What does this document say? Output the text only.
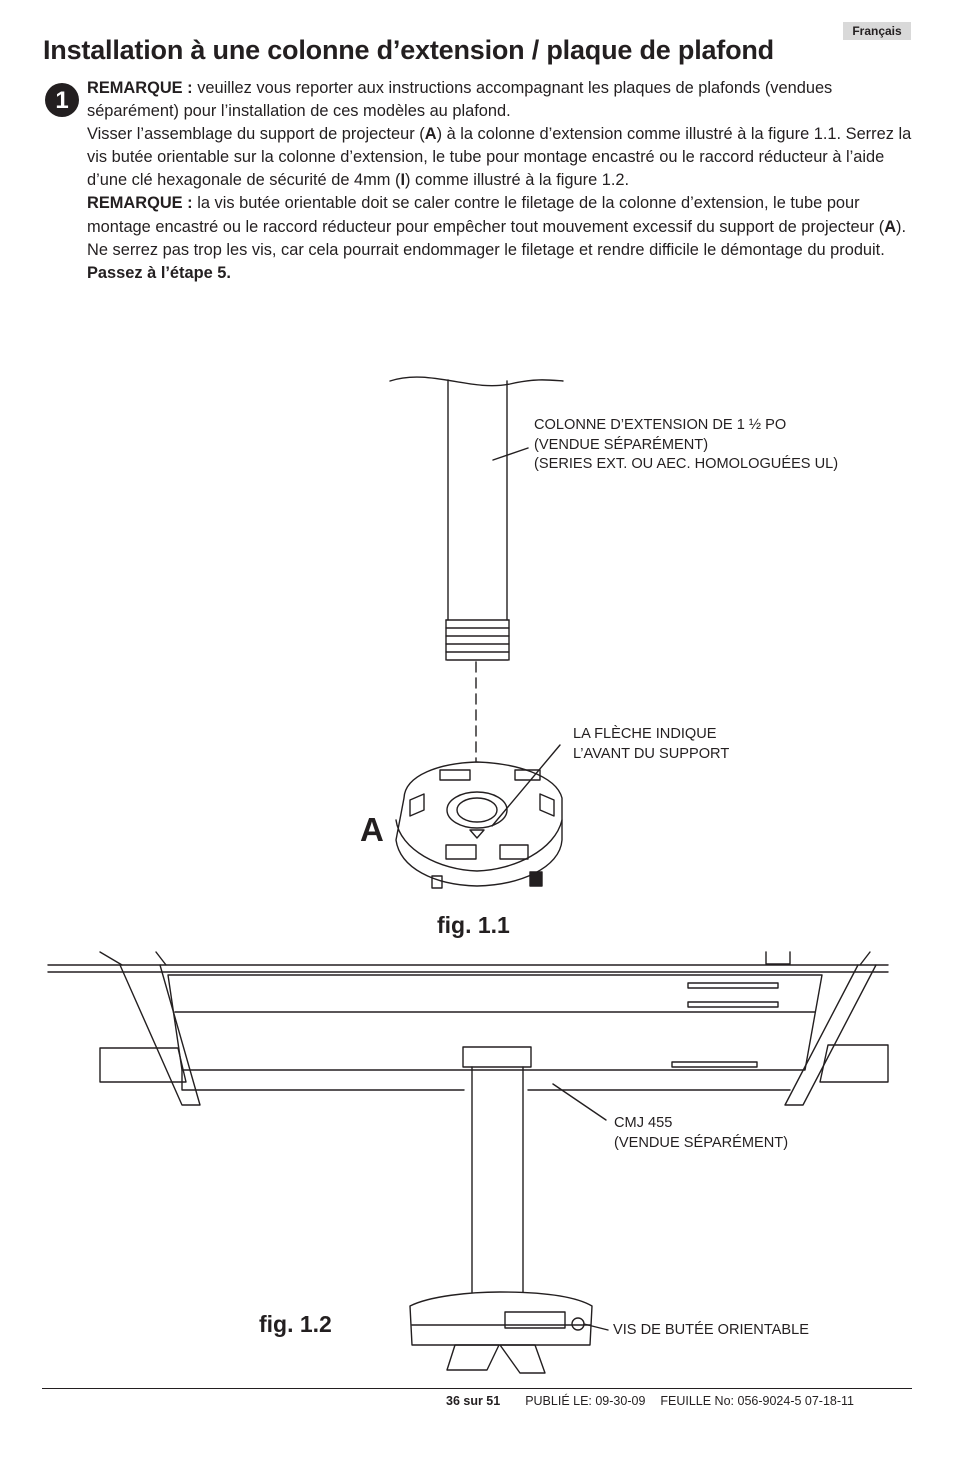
Français
Installation à une colonne d’extension / plaque de plafond
1	REMARQUE : veuillez vous reporter aux instructions accompagnant les plaques de plafonds (vendues séparément) pour l’installation de ces modèles au plafond.

Visser l’assemblage du support de projecteur (A) à la colonne d’extension comme illustré à la figure 1.1. Serrez la vis butée orientable sur la colonne d’extension, le tube pour montage encastré ou le raccord réducteur à l’aide d’une clé hexagonale de sécurité de 4mm (I) comme illustré à la figure 1.2.

REMARQUE : la vis butée orientable doit se caler contre le filetage de la colonne d’extension, le tube pour montage encastré ou le raccord réducteur pour empêcher tout mouvement excessif du support de projecteur (A). Ne serrez pas trop les vis, car cela pourrait endommager le filetage et rendre difficile le démontage du produit.

Passez à l’étape 5.

COLONNE D’EXTENSION DE 1 ½ PO
(VENDUE SÉPARÉMENT)
(SERIES EXT. OU AEC. HOMOLOGUÉES UL)
LA FLÈCHE INDIQUE
L’AVANT DU SUPPORT
A
fig. 1.1
CMJ 455
(VENDUE SÉPARÉMENT)
VIS DE BUTÉE ORIENTABLE
fig. 1.2
36 sur 51 PUBLIÉ LE: 09-30-09 FEUILLE No: 056-9024-5 07-18-11
